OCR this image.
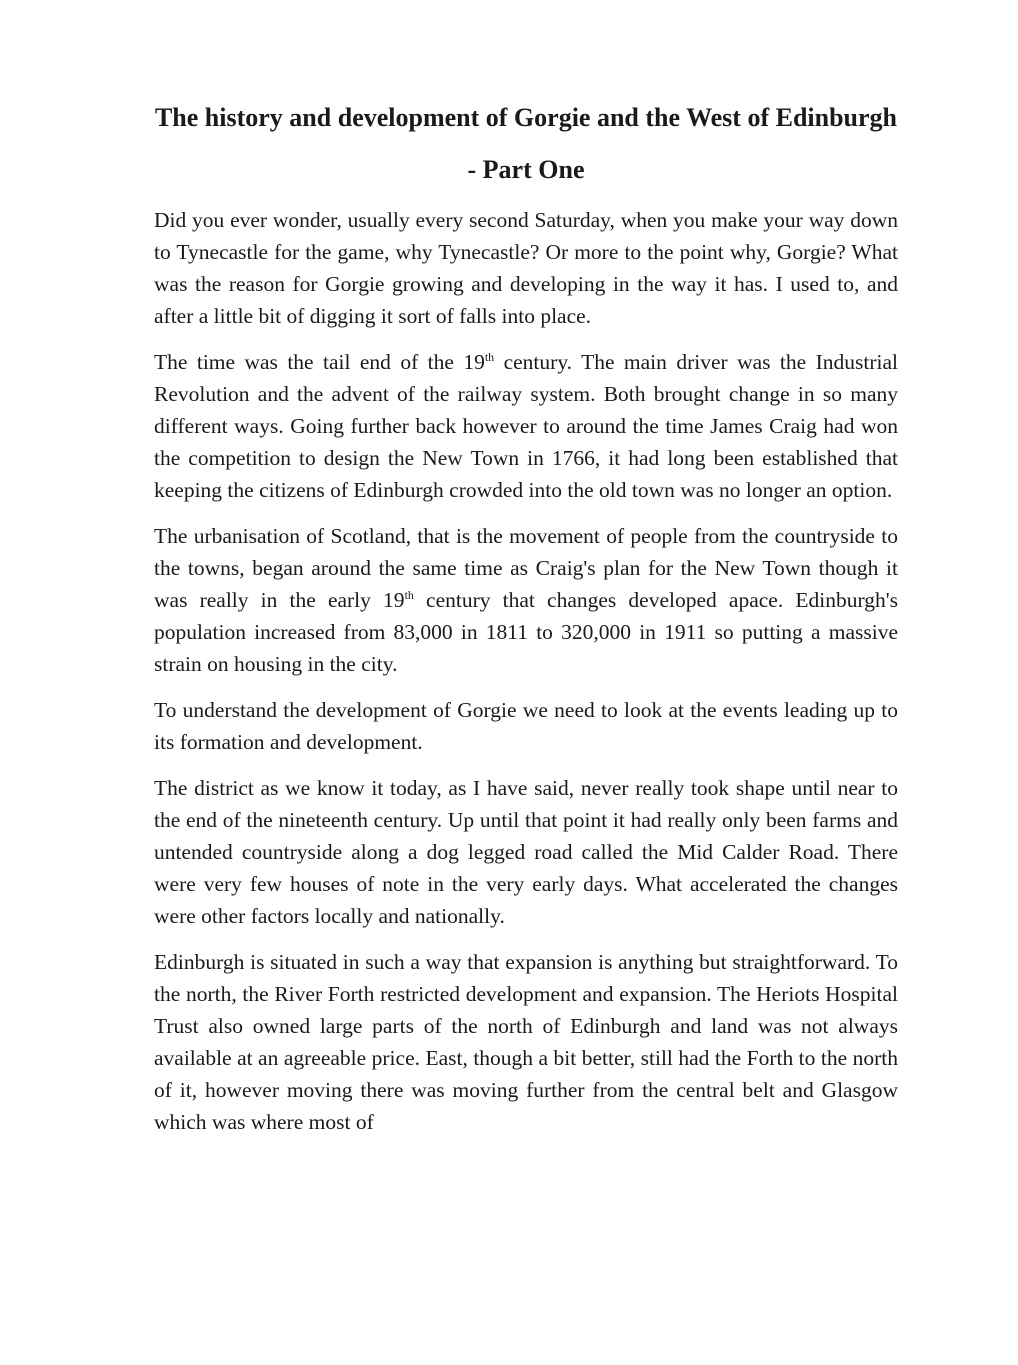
The history and development of Gorgie and the West of Edinburgh - Part One

Did you ever wonder, usually every second Saturday, when you make your way down to Tynecastle for the game, why Tynecastle? Or more to the point why, Gorgie? What was the reason for Gorgie growing and developing in the way it has. I used to, and after a little bit of digging it sort of falls into place.

The time was the tail end of the 19th century. The main driver was the Industrial Revolution and the advent of the railway system. Both brought change in so many different ways. Going further back however to around the time James Craig had won the competition to design the New Town in 1766, it had long been established that keeping the citizens of Edinburgh crowded into the old town was no longer an option.

The urbanisation of Scotland, that is the movement of people from the countryside to the towns, began around the same time as Craig's plan for the New Town though it was really in the early 19th century that changes developed apace. Edinburgh's population increased from 83,000 in 1811 to 320,000 in 1911 so putting a massive strain on housing in the city.

To understand the development of Gorgie we need to look at the events leading up to its formation and development.

The district as we know it today, as I have said, never really took shape until near to the end of the nineteenth century. Up until that point it had really only been farms and untended countryside along a dog legged road called the Mid Calder Road. There were very few houses of note in the very early days. What accelerated the changes were other factors locally and nationally.

Edinburgh is situated in such a way that expansion is anything but straightforward. To the north, the River Forth restricted development and expansion. The Heriots Hospital Trust also owned large parts of the north of Edinburgh and land was not always available at an agreeable price. East, though a bit better, still had the Forth to the north of it, however moving there was moving further from the central belt and Glasgow which was where most of
